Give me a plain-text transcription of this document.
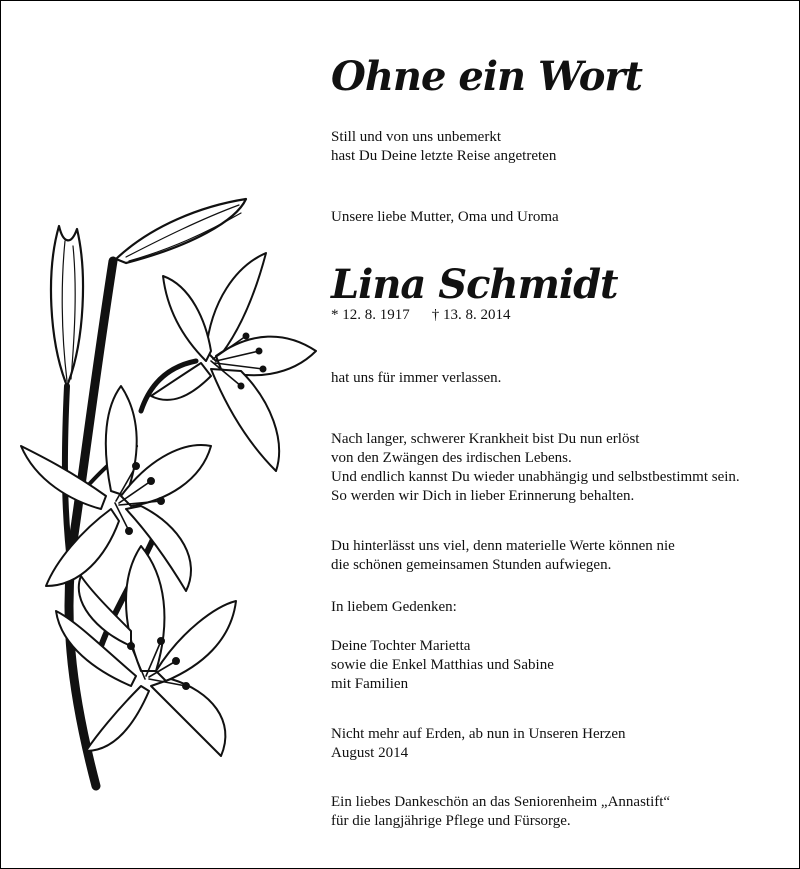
Ohne ein Wort

Still und von uns unbemerkt

hast Du Deine letzte Reise angetreten

Unsere liebe Mutter, Oma und Uroma

Lina Schmidt

* 12. 8. 1917 † 13. 8. 2014

hat uns für immer verlassen.

Nach langer, schwerer Krankheit bist Du nun erlöst

von den Zwängen des irdischen Lebens.

Und endlich kannst Du wieder unabhängig und selbstbestimmt sein.

So werden wir Dich in lieber Erinnerung behalten.

Du hinterlässt uns viel, denn materielle Werte können nie

die schönen gemeinsamen Stunden aufwiegen.

In liebem Gedenken:

Deine Tochter Marietta

sowie die Enkel Matthias und Sabine

mit Familien

Nicht mehr auf Erden, ab nun in Unseren Herzen

August 2014

Ein liebes Dankeschön an das Seniorenheim „Annastift“

für die langjährige Pflege und Fürsorge.
